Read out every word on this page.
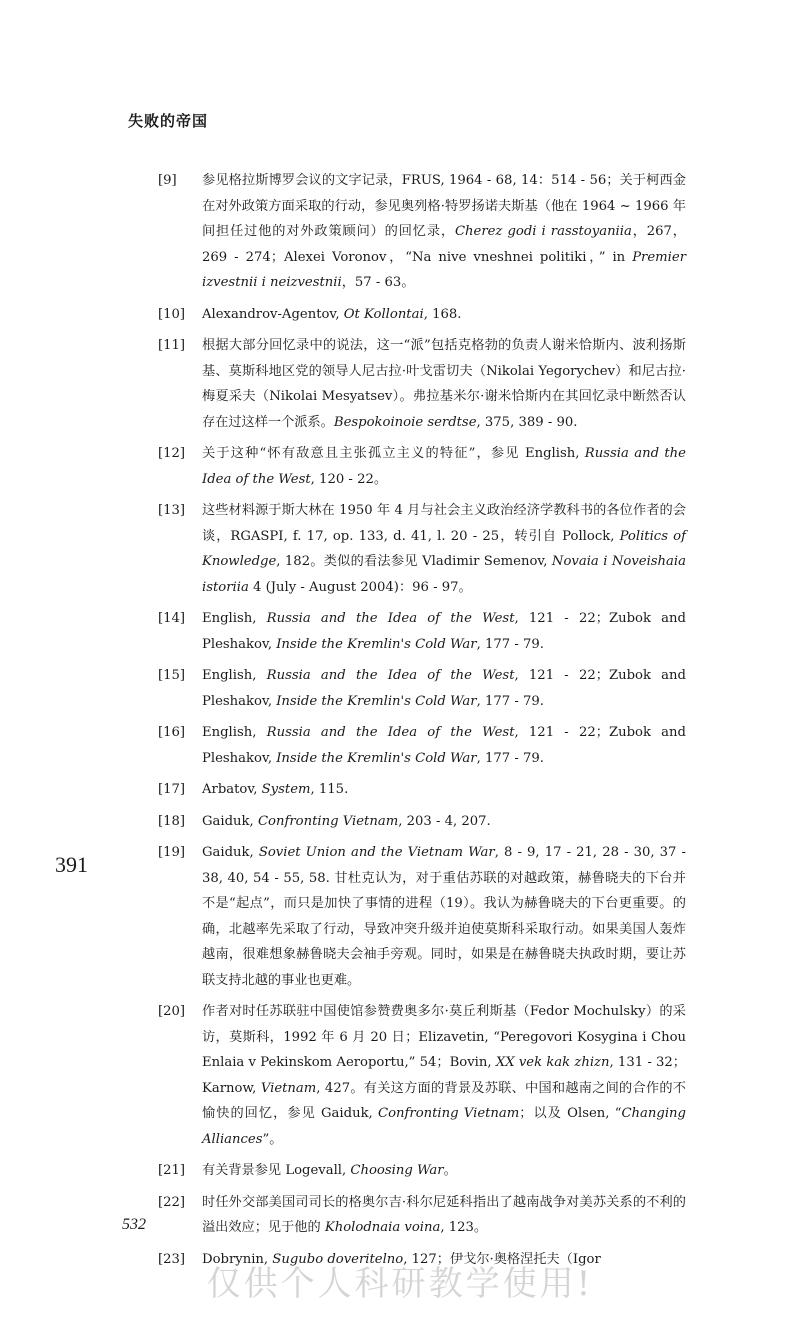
失败的帝国
391
[9]	参见格拉斯博罗会议的文字记录，FRUS, 1964 - 68, 14：514 - 56；关于柯西金在对外政策方面采取的行动，参见奥列格·特罗扬诺夫斯基（他在 1964 ~ 1966 年间担任过他的对外政策顾问）的回忆录，Cherez godi i rasstoyaniia，267，269 - 274；Alexei Voronov，“Na nive vneshnei politiki，” in Premier izvestnii i neizvestnii，57 - 63。
[10]	Alexandrov-Agentov, Ot Kollontai, 168.
[11]	根据大部分回忆录中的说法，这一“派”包括克格勃的负责人谢米恰斯内、波利扬斯基、莫斯科地区党的领导人尼古拉·叶戈雷切夫（Nikolai Yegorychev）和尼古拉·梅夏采夫（Nikolai Mesyatsev）。弗拉基米尔·谢米恰斯内在其回忆录中断然否认存在过这样一个派系。Bespokoinoie serdtse, 375, 389 - 90.
[12]	关于这种“怀有敌意且主张孤立主义的特征”，参见 English, Russia and the Idea of the West, 120 - 22。
[13]	这些材料源于斯大林在 1950 年 4 月与社会主义政治经济学教科书的各位作者的会谈，RGASPI, f. 17, op. 133, d. 41, l. 20 - 25，转引自 Pollock, Politics of Knowledge, 182。类似的看法参见 Vladimir Semenov, Novaia i Noveishaia istoriia 4 (July - August 2004)：96 - 97。
[14]	English, Russia and the Idea of the West, 121 - 22；Zubok and Pleshakov, Inside the Kremlin's Cold War, 177 - 79.
[15]	English, Russia and the Idea of the West, 121 - 22；Zubok and Pleshakov, Inside the Kremlin's Cold War, 177 - 79.
[16]	English, Russia and the Idea of the West, 121 - 22；Zubok and Pleshakov, Inside the Kremlin's Cold War, 177 - 79.
[17]	Arbatov, System, 115.
[18]	Gaiduk, Confronting Vietnam, 203 - 4, 207.
[19]	Gaiduk, Soviet Union and the Vietnam War, 8 - 9, 17 - 21, 28 - 30, 37 - 38, 40, 54 - 55, 58. 甘杜克认为，对于重估苏联的对越政策，赫鲁晓夫的下台并不是“起点”，而只是加快了事情的进程（19）。我认为赫鲁晓夫的下台更重要。的确，北越率先采取了行动，导致冲突升级并迫使莫斯科采取行动。如果美国人轰炸越南，很难想象赫鲁晓夫会袖手旁观。同时，如果是在赫鲁晓夫执政时期，要让苏联支持北越的事业也更难。
[20]	作者对时任苏联驻中国使馆参赞费奥多尔·莫丘利斯基（Fedor Mochulsky）的采访，莫斯科，1992 年 6 月 20 日；Elizavetin, “Peregovori Kosygina i Chou Enlaia v Pekinskom Aeroportu,” 54；Bovin, XX vek kak zhizn, 131 - 32；Karnow, Vietnam, 427。有关这方面的背景及苏联、中国和越南之间的合作的不愉快的回忆，参见 Gaiduk, Confronting Vietnam；以及 Olsen, “Changing Alliances”。
[21]	有关背景参见 Logevall, Choosing War。
[22]	时任外交部美国司司长的格奥尔吉·科尔尼延科指出了越南战争对美苏关系的不利的溢出效应；见于他的 Kholodnaia voina, 123。
[23]	Dobrynin, Sugubo doveritelno, 127；伊戈尔·奥格涅托夫（Igor
532
仅供个人科研教学使用!
